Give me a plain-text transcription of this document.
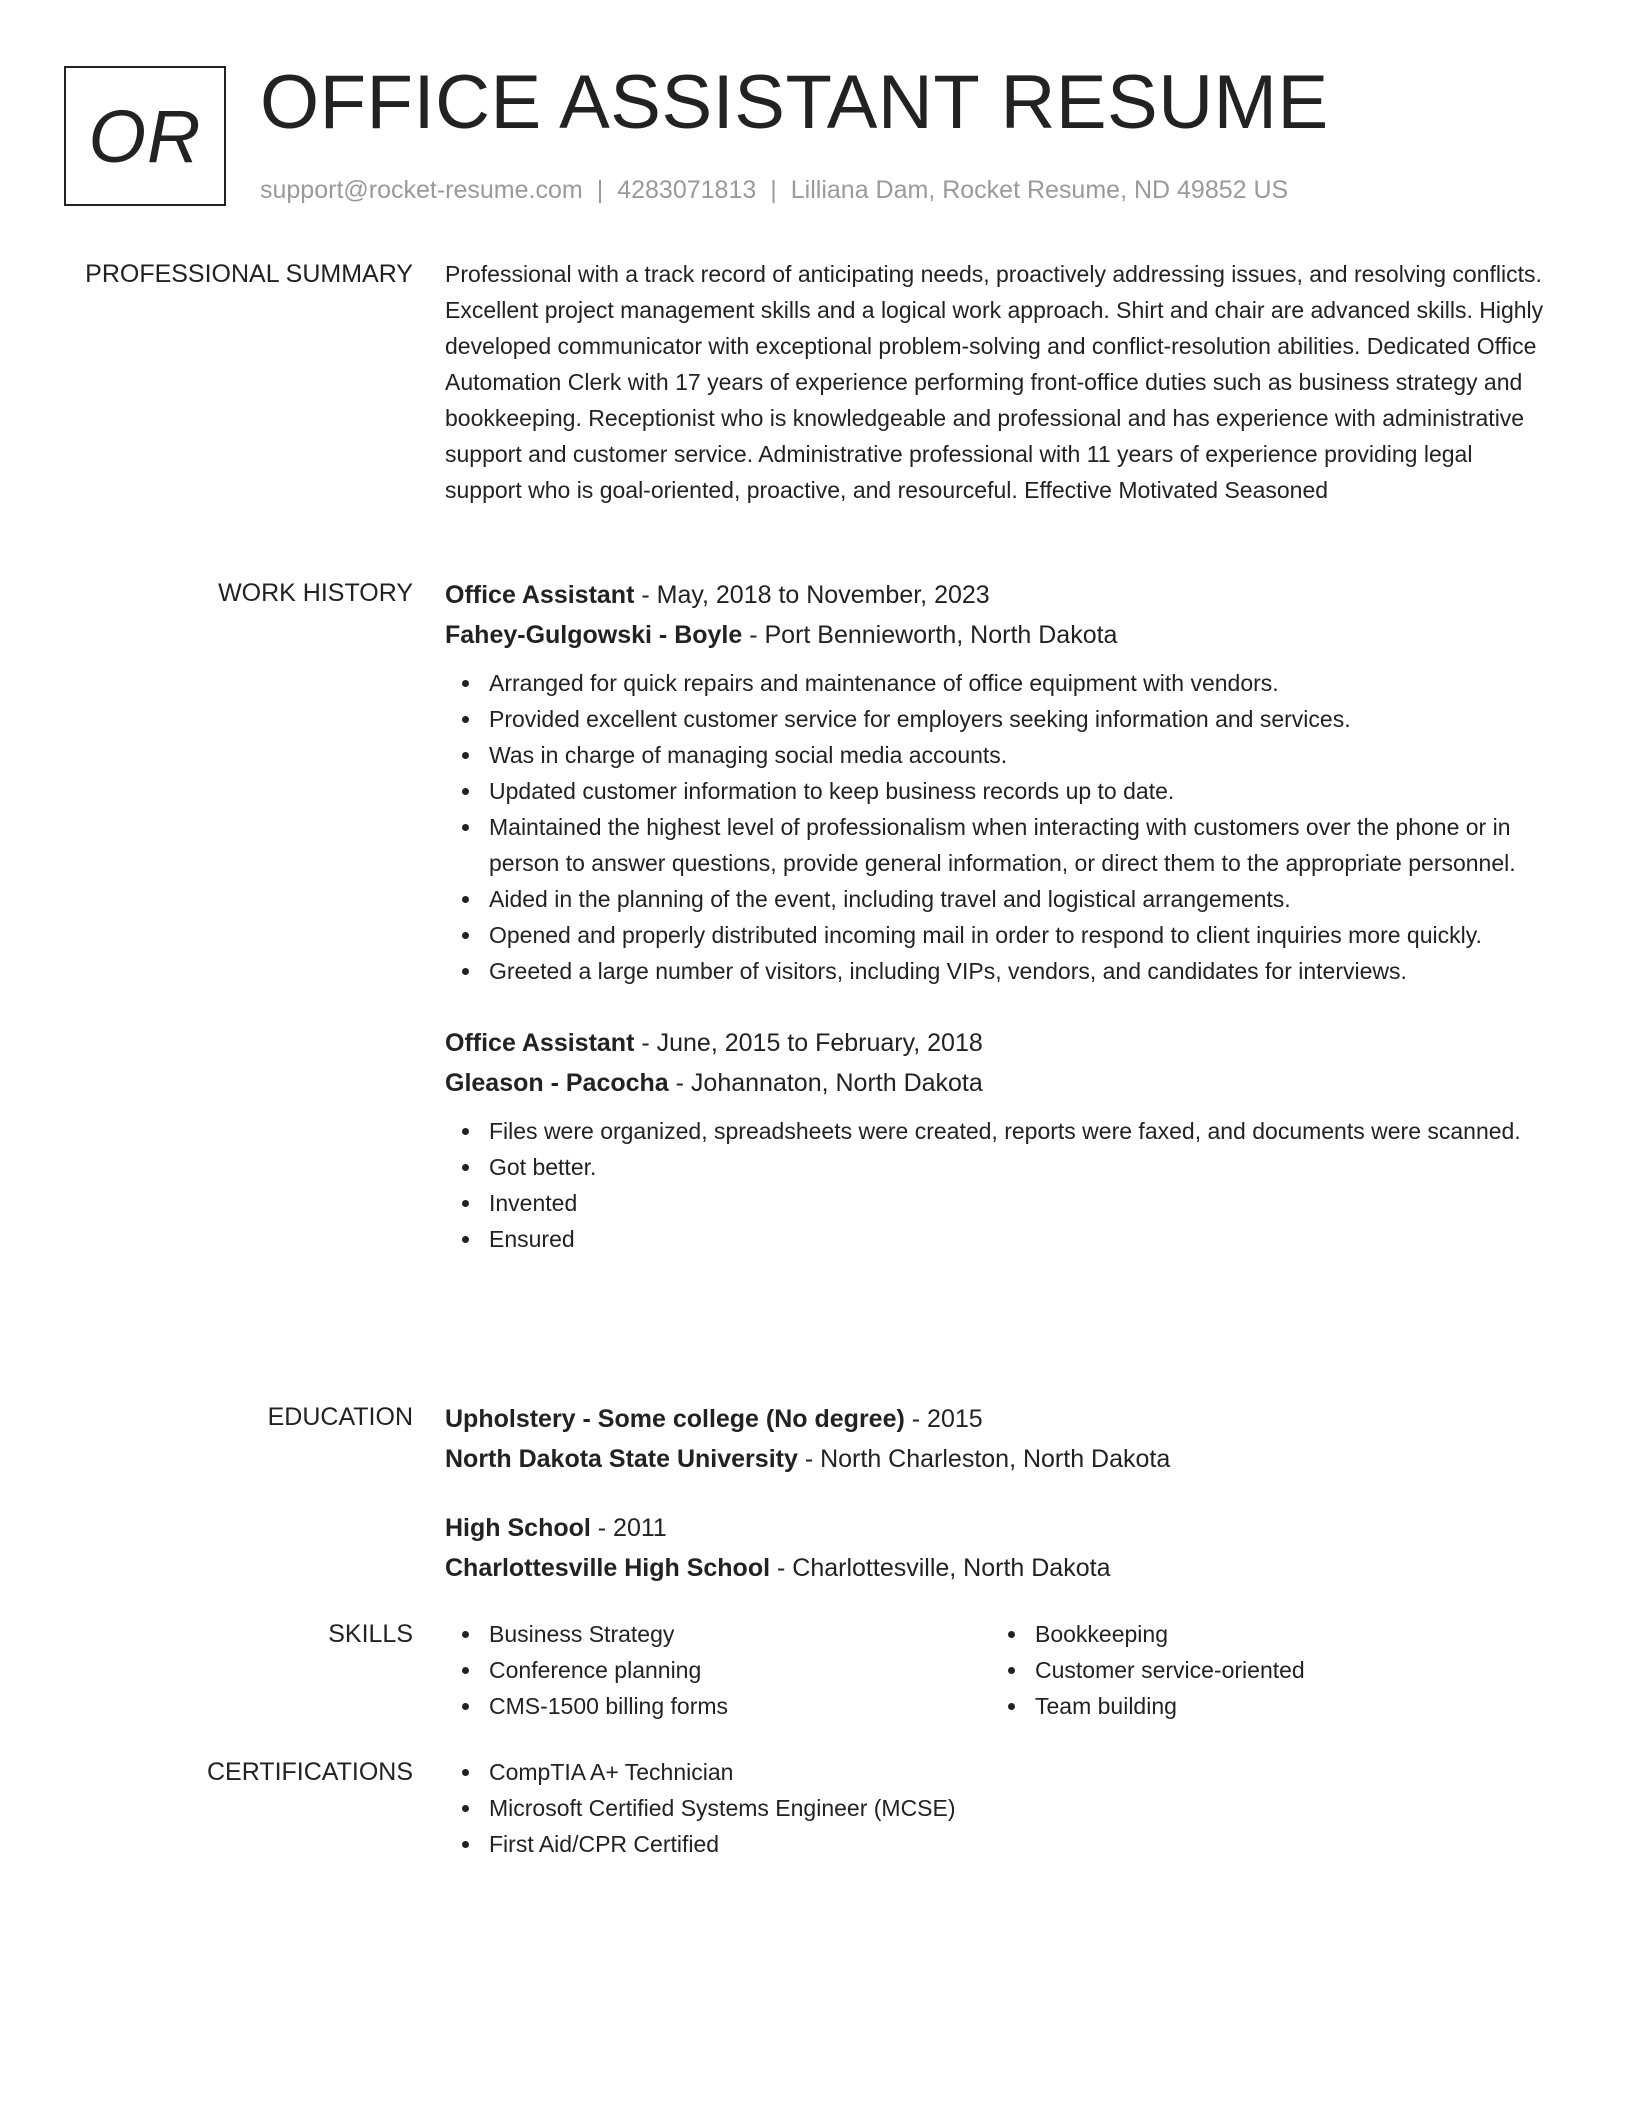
OR OFFICE ASSISTANT RESUME
support@rocket-resume.com | 4283071813 | Lilliana Dam, Rocket Resume, ND 49852 US
PROFESSIONAL SUMMARY Professional with a track record of anticipating needs, proactively addressing issues, and resolving conflicts. Excellent project management skills and a logical work approach. Shirt and chair are advanced skills. Highly developed communicator with exceptional problem-solving and conflict-resolution abilities. Dedicated Office Automation Clerk with 17 years of experience performing front-office duties such as business strategy and bookkeeping. Receptionist who is knowledgeable and professional and has experience with administrative support and customer service. Administrative professional with 11 years of experience providing legal support who is goal-oriented, proactive, and resourceful. Effective Motivated Seasoned

WORK HISTORY Office Assistant - May, 2018 to November, 2023
Fahey-Gulgowski - Boyle - Port Bennieworth, North Dakota
Arranged for quick repairs and maintenance of office equipment with vendors.
Provided excellent customer service for employers seeking information and services.
Was in charge of managing social media accounts.
Updated customer information to keep business records up to date.
Maintained the highest level of professionalism when interacting with customers over the phone or in person to answer questions, provide general information, or direct them to the appropriate personnel.
Aided in the planning of the event, including travel and logistical arrangements.
Opened and properly distributed incoming mail in order to respond to client inquiries more quickly.
Greeted a large number of visitors, including VIPs, vendors, and candidates for interviews.
Office Assistant - June, 2015 to February, 2018
Gleason - Pacocha - Johannaton, North Dakota
Files were organized, spreadsheets were created, reports were faxed, and documents were scanned.
Got better.
Invented
Ensured
EDUCATION Upholstery - Some college (No degree) - 2015
North Dakota State University - North Charleston, North Dakota
High School - 2011
Charlottesville High School - Charlottesville, North Dakota
SKILLS	Business Strategy
Conference planning
CMS-1500 billing forms
Bookkeeping
Customer service-oriented
Team building
CERTIFICATIONS	CompTIA A+ Technician
Microsoft Certified Systems Engineer (MCSE)
First Aid/CPR Certified
